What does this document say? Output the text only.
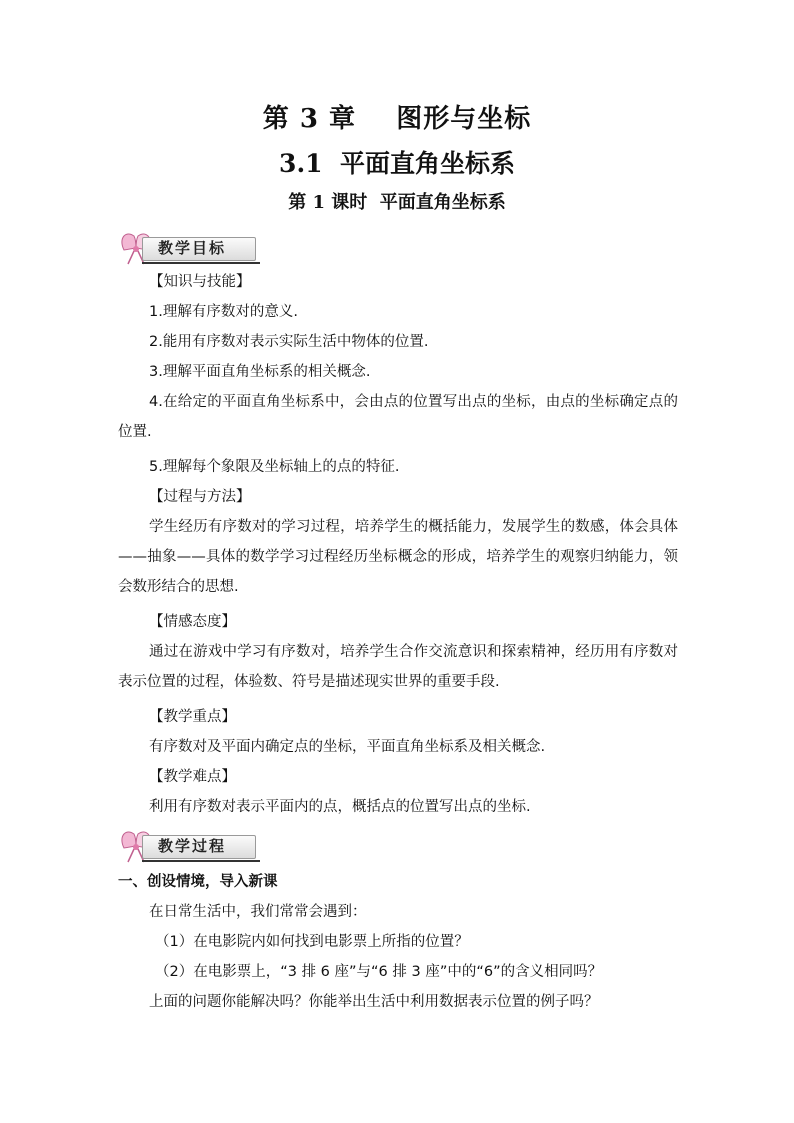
第 3 章    图形与坐标
3.1  平面直角坐标系
第 1 课时  平面直角坐标系
教学目标
【知识与技能】
1.理解有序数对的意义.
2.能用有序数对表示实际生活中物体的位置.
3.理解平面直角坐标系的相关概念.
4.在给定的平面直角坐标系中，会由点的位置写出点的坐标，由点的坐标确定点的位置.
5.理解每个象限及坐标轴上的点的特征.
【过程与方法】
学生经历有序数对的学习过程，培养学生的概括能力，发展学生的数感，体会具体——抽象——具体的数学学习过程经历坐标概念的形成，培养学生的观察归纳能力，领会数形结合的思想.
【情感态度】
通过在游戏中学习有序数对，培养学生合作交流意识和探索精神，经历用有序数对表示位置的过程，体验数、符号是描述现实世界的重要手段.
【教学重点】
有序数对及平面内确定点的坐标，平面直角坐标系及相关概念.
【教学难点】
利用有序数对表示平面内的点，概括点的位置写出点的坐标.
教学过程
一、创设情境，导入新课
在日常生活中，我们常常会遇到：
（1）在电影院内如何找到电影票上所指的位置？
（2）在电影票上，“3 排 6 座”与“6 排 3 座”中的“6”的含义相同吗？
上面的问题你能解决吗？你能举出生活中利用数据表示位置的例子吗？
